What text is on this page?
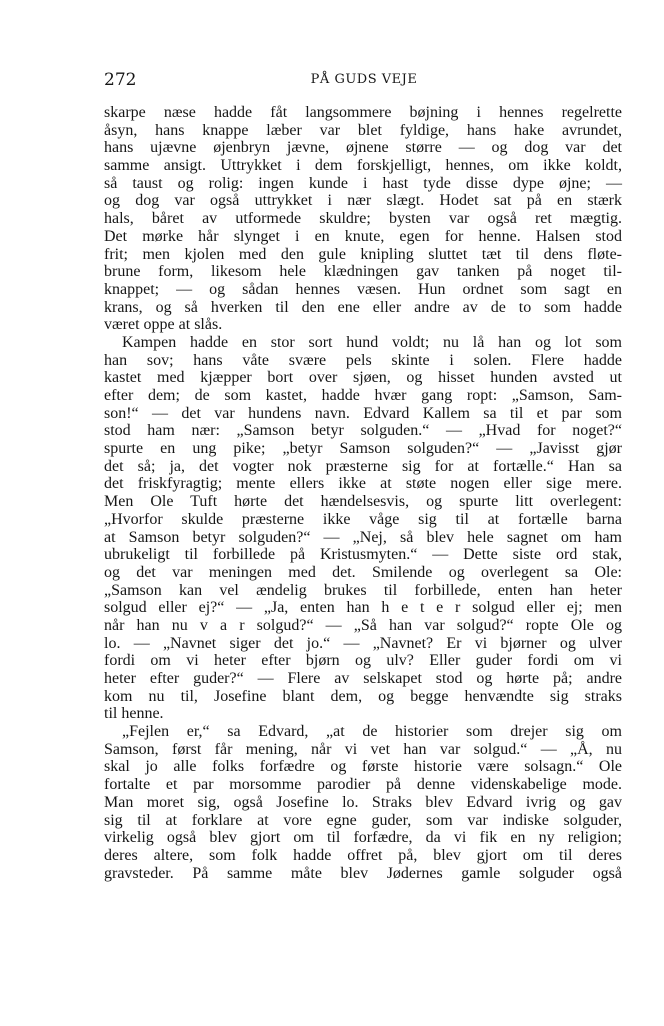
272	PÅ GUDS VEJE
skarpe næse hadde fåt langsommere bøjning i hennes regelrette
åsyn, hans knappe læber var blet fyldige, hans hake avrundet,
hans ujævne øjenbryn jævne, øjnene større — og dog var det
samme ansigt. Uttrykket i dem forskjelligt, hennes, om ikke koldt,
så taust og rolig: ingen kunde i hast tyde disse dype øjne; —
og dog var også uttrykket i nær slægt. Hodet sat på en stærk
hals, båret av utformede skuldre; bysten var også ret mægtig.
Det mørke hår slynget i en knute, egen for henne. Halsen stod
frit; men kjolen med den gule knipling sluttet tæt til dens fløte-
brune form, likesom hele klædningen gav tanken på noget til-
knappet; — og sådan hennes væsen. Hun ordnet som sagt en
krans, og så hverken til den ene eller andre av de to som hadde
været oppe at slås.
Kampen hadde en stor sort hund voldt; nu lå han og lot som
han sov; hans våte svære pels skinte i solen. Flere hadde
kastet med kjæpper bort over sjøen, og hisset hunden avsted ut
efter dem; de som kastet, hadde hvær gang ropt: „Samson, Sam-
son!“ — det var hundens navn. Edvard Kallem sa til et par som
stod ham nær: „Samson betyr solguden.“ — „Hvad for noget?“
spurte en ung pike; „betyr Samson solguden?“ — „Javisst gjør
det så; ja, det vogter nok præsterne sig for at fortælle.“ Han sa
det friskfyragtig; mente ellers ikke at støte nogen eller sige mere.
Men Ole Tuft hørte det hændelsesvis, og spurte litt overlegent:
„Hvorfor skulde præsterne ikke våge sig til at fortælle barna
at Samson betyr solguden?“ — „Nej, så blev hele sagnet om ham
ubrukeligt til forbillede på Kristusmyten.“ — Dette siste ord stak,
og det var meningen med det. Smilende og overlegent sa Ole:
„Samson kan vel ændelig brukes til forbillede, enten han heter
solgud eller ej?“ — „Ja, enten han h e t e r solgud eller ej; men
når han nu v a r solgud?“ — „Så han var solgud?“ ropte Ole og
lo. — „Navnet siger det jo.“ — „Navnet? Er vi bjørner og ulver
fordi om vi heter efter bjørn og ulv? Eller guder fordi om vi
heter efter guder?“ — Flere av selskapet stod og hørte på; andre
kom nu til, Josefine blant dem, og begge henvændte sig straks
til henne.
„Fejlen er,“ sa Edvard, „at de historier som drejer sig om
Samson, først får mening, når vi vet han var solgud.“ — „Å, nu
skal jo alle folks forfædre og første historie være solsagn.“ Ole
fortalte et par morsomme parodier på denne videnskabelige mode.
Man moret sig, også Josefine lo. Straks blev Edvard ivrig og gav
sig til at forklare at vore egne guder, som var indiske solguder,
virkelig også blev gjort om til forfædre, da vi fik en ny religion;
deres altere, som folk hadde offret på, blev gjort om til deres
gravsteder. På samme måte blev Jødernes gamle solguder også
